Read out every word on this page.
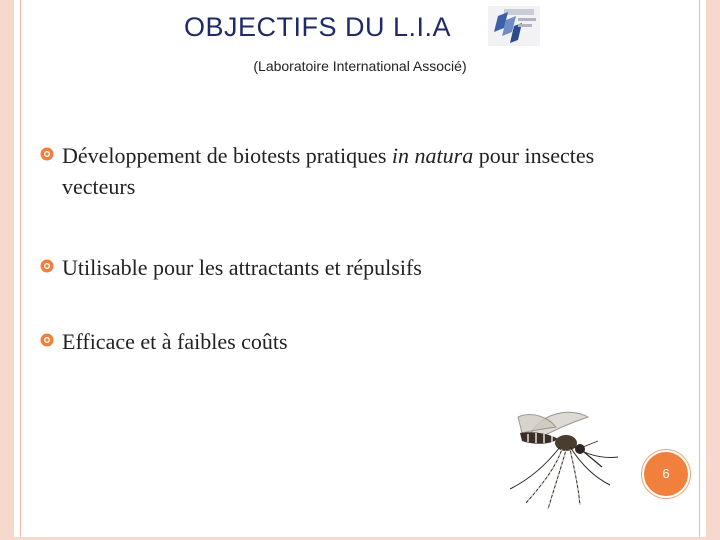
OBJECTIFS DU L.I.A
(Laboratoire International Associé)
Développement de biotests pratiques in natura pour insectes vecteurs
Utilisable pour les attractants et répulsifs
Efficace et à faibles coûts
6
